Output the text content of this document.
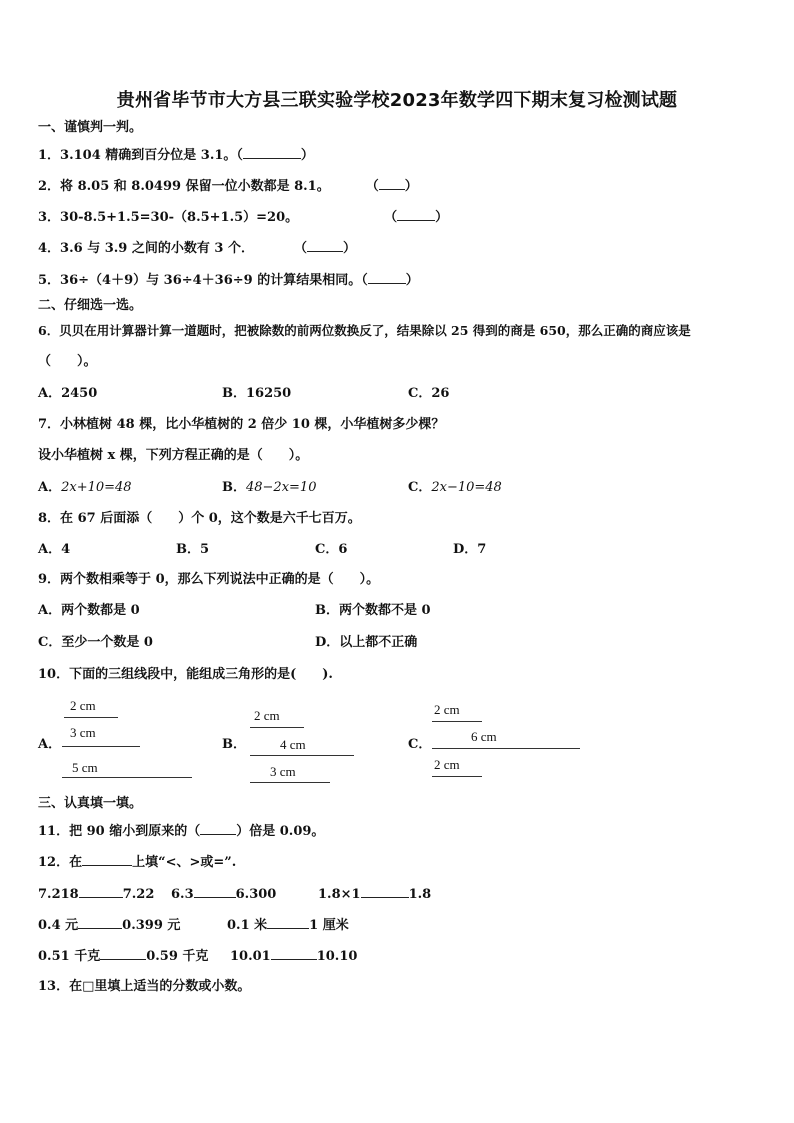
贵州省毕节市大方县三联实验学校2023年数学四下期末复习检测试题
一、谨慎判一判。
1．3.104 精确到百分位是 3.1。（	）
2．将 8.05 和 8.0499 保留一位小数都是 8.1。	（ ）
3．30-8.5+1.5=30-（8.5+1.5）=20。	（	）
4．3.6 与 3.9 之间的小数有 3 个．	（	）
5．36÷（4＋9）与 36÷4＋36÷9 的计算结果相同。（	）
二、仔细选一选。
6．贝贝在用计算器计算一道题时，把被除数的前两位数换反了，结果除以 25 得到的商是 650，那么正确的商应该是
（　　）。
A．2450	B．16250	C．26
7．小林植树 48 棵，比小华植树的 2 倍少 10 棵，小华植树多少棵？
设小华植树 x 棵，下列方程正确的是（　　）。
A．2x+10=48	B．48−2x=10	C．2x−10=48
8．在 67 后面添（　　）个 0，这个数是六千七百万。
A．4	B．5	C．6	D．7
9．两个数相乘等于 0，那么下列说法中正确的是（　　）。
A．两个数都是 0	B．两个数都不是 0
C．至少一个数是 0	D．以上都不正确
10．下面的三组线段中，能组成三角形的是(　　).
A．
2 cm
3 cm
5 cm
B．
2 cm
4 cm
3 cm
C．
2 cm
6 cm
2 cm
三、认真填一填。
11．把 90 缩小到原来的（	）倍是 0.09。
12．在	上填“<、>或=”.
7.218	7.22 6.3	6.300	1.8×1	1.8
0.4 元	0.399 元	0.1 米	1 厘米
0.51 千克	0.59 千克 10.01	10.10
13．在□里填上适当的分数或小数。
